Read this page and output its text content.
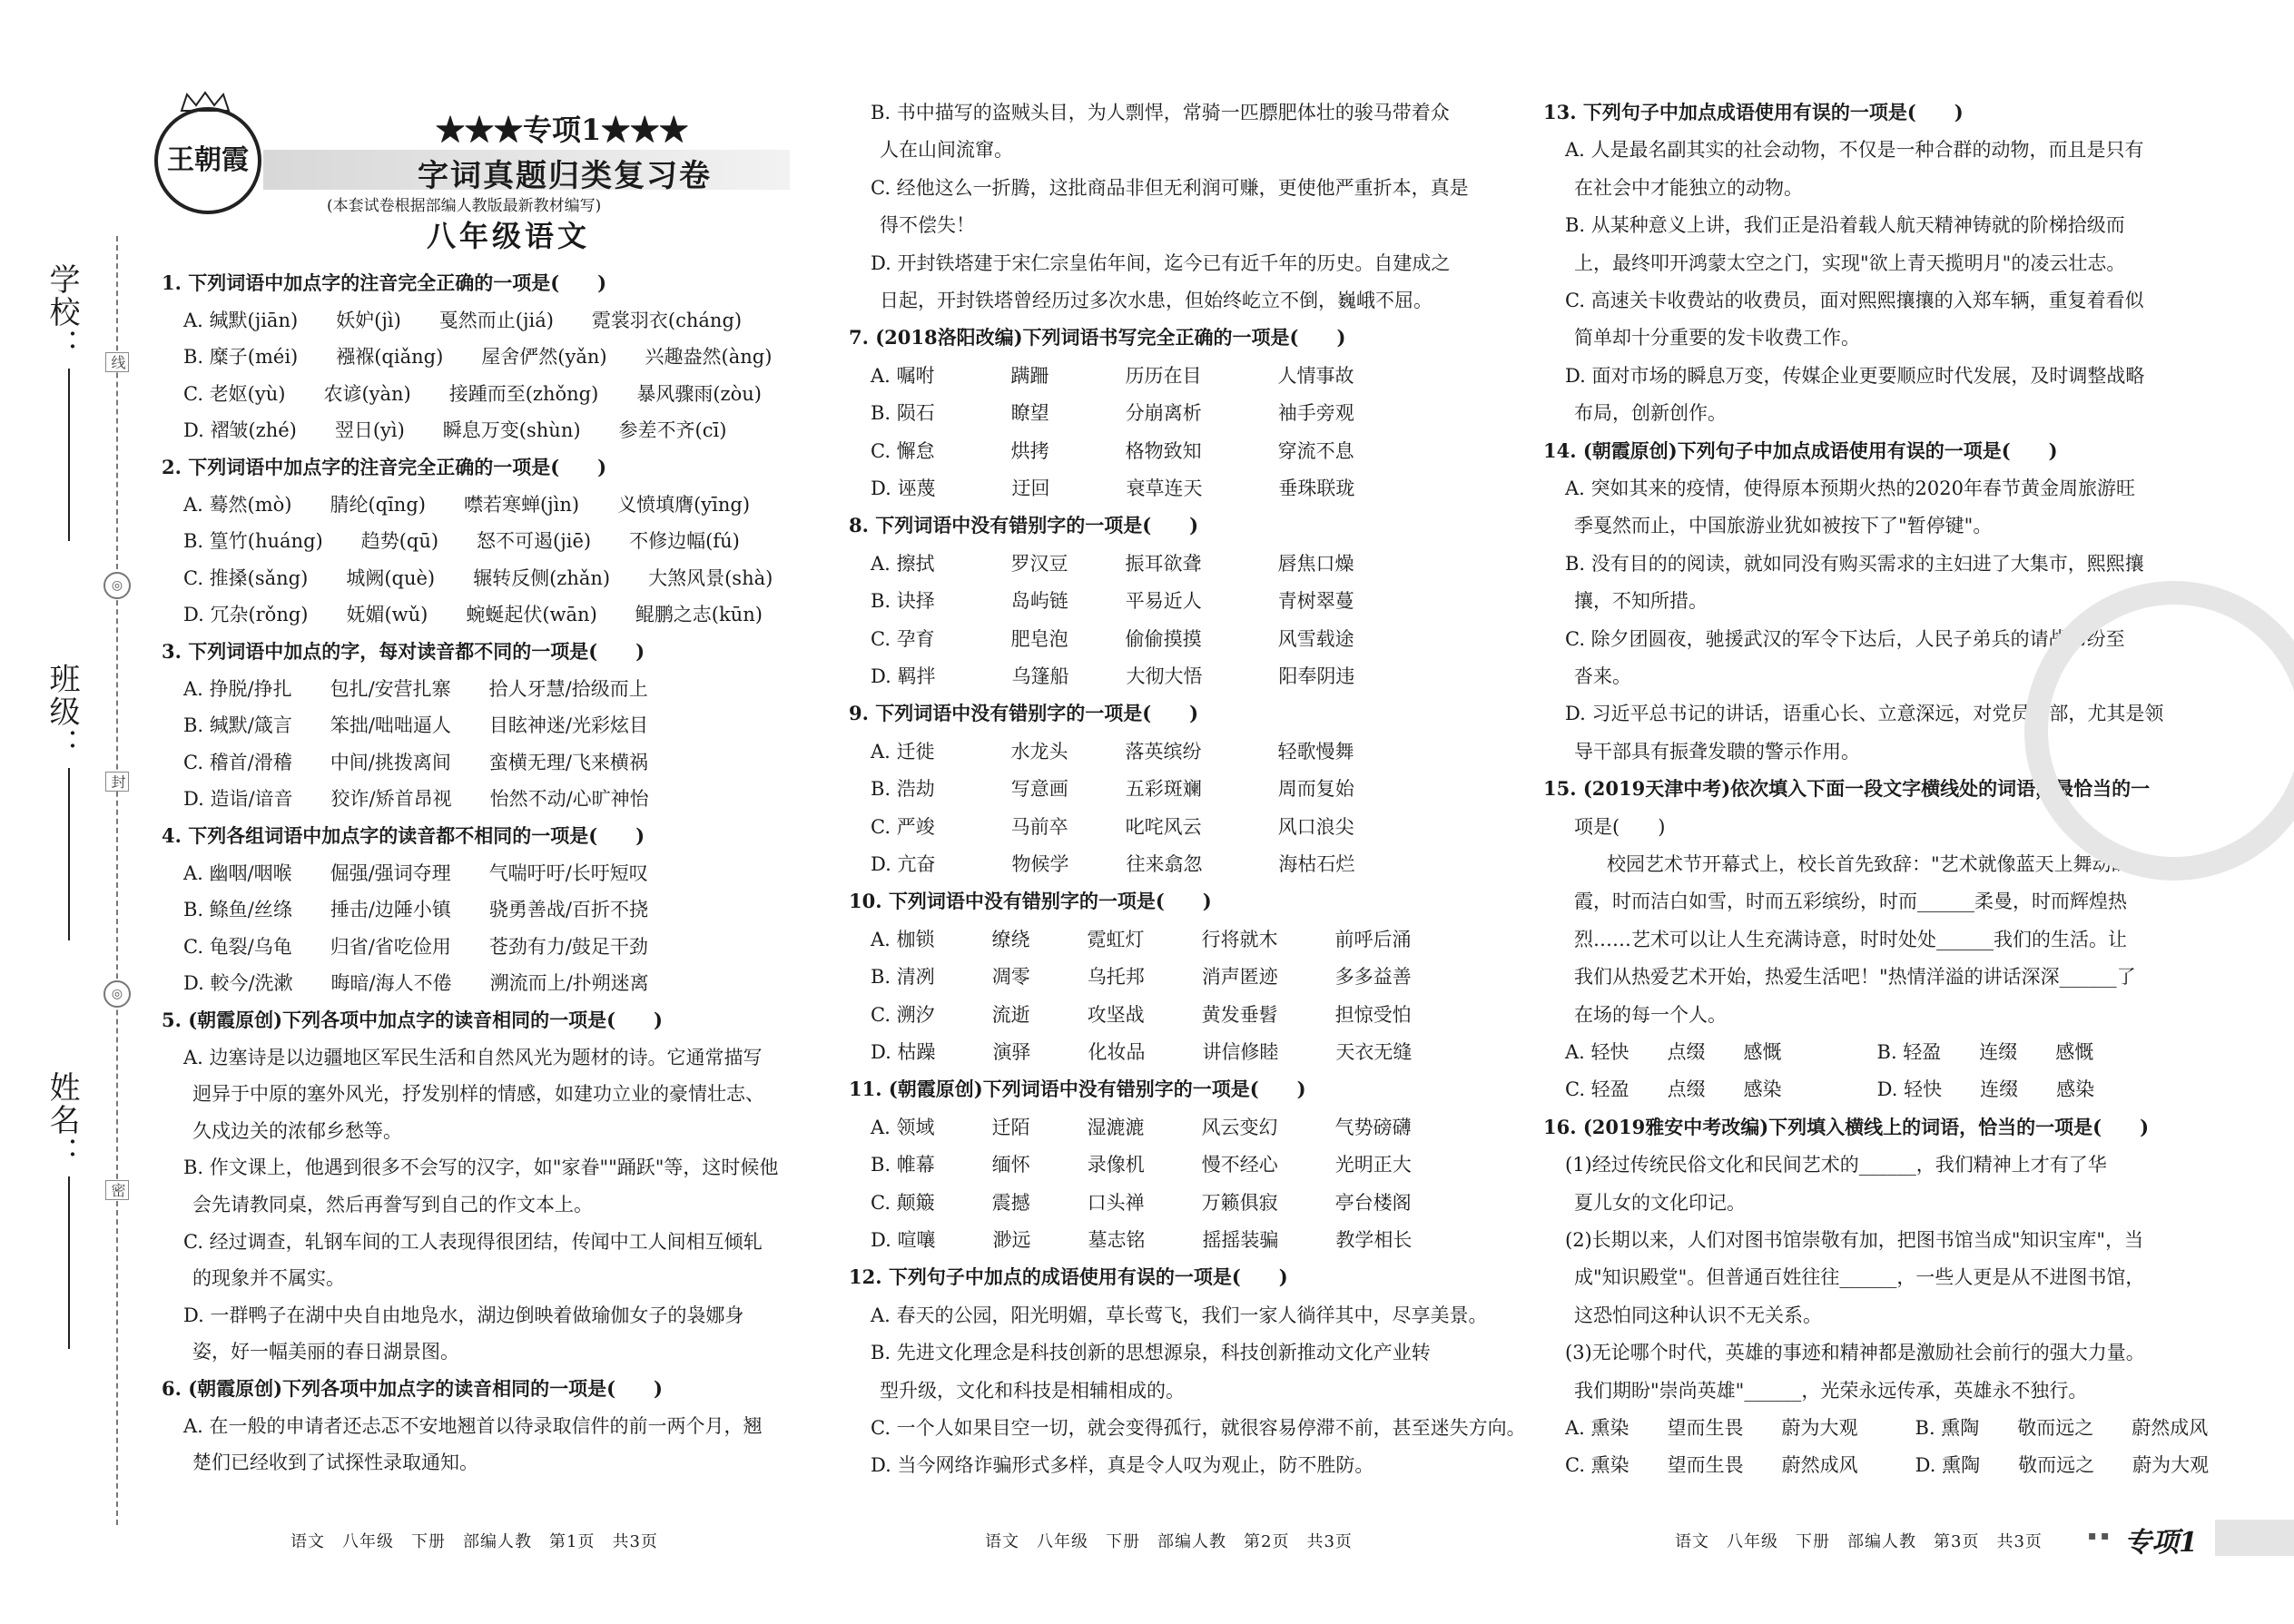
学校：
班级：
姓名：
线
◎
封
◎
密
王朝霞
★★★专项1★★★
字词真题归类复习卷
(本套试卷根据部编人教版最新教材编写)
八年级语文
1. 下列词语中加点字的注音完全正确的一项是(　　)
A. 缄默(jiān)　　妖妒(jì)　　戛然而止(jiá)　　霓裳羽衣(cháng)
B. 糜子(méi)　　襁褓(qiǎng)　　屋舍俨然(yǎn)　　兴趣盎然(àng)
C. 老妪(yù)　　农谚(yàn)　　接踵而至(zhǒng)　　暴风骤雨(zòu)
D. 褶皱(zhé)　　翌日(yì)　　瞬息万变(shùn)　　参差不齐(cī)
2. 下列词语中加点字的注音完全正确的一项是(　　)
A. 蓦然(mò)　　腈纶(qīng)　　噤若寒蝉(jìn)　　义愤填膺(yīng)
B. 篁竹(huáng)　　趋势(qū)　　怒不可遏(jiē)　　不修边幅(fú)
C. 推搡(sǎng)　　城阙(què)　　辗转反侧(zhǎn)　　大煞风景(shà)
D. 冗杂(rǒng)　　妩媚(wǔ)　　蜿蜒起伏(wān)　　鲲鹏之志(kūn)
3. 下列词语中加点的字，每对读音都不同的一项是(　　)
A. 挣脱/挣扎　　包扎/安营扎寨　　拾人牙慧/拾级而上
B. 缄默/箴言　　笨拙/咄咄逼人　　目眩神迷/光彩炫目
C. 稽首/滑稽　　中间/挑拨离间　　蛮横无理/飞来横祸
D. 造诣/谙音　　狡诈/矫首昂视　　怡然不动/心旷神怡
4. 下列各组词语中加点字的读音都不相同的一项是(　　)
A. 幽咽/咽喉　　倔强/强词夺理　　气喘吁吁/长吁短叹
B. 鲦鱼/丝绦　　捶击/边陲小镇　　骁勇善战/百折不挠
C. 龟裂/乌龟　　归省/省吃俭用　　苍劲有力/鼓足干劲
D. 較今/洗漱　　晦暗/海人不倦　　溯流而上/扑朔迷离
5. (朝霞原创)下列各项中加点字的读音相同的一项是(　　)
A. 边塞诗是以边疆地区军民生活和自然风光为题材的诗。它通常描写
迥异于中原的塞外风光，抒发别样的情感，如建功立业的豪情壮志、
久戍边关的浓郁乡愁等。
B. 作文课上，他遇到很多不会写的汉字，如"家眷""踊跃"等，这时候他
会先请教同桌，然后再誊写到自己的作文本上。
C. 经过调查，轧钢车间的工人表现得很团结，传闻中工人间相互倾轧
的现象并不属实。
D. 一群鸭子在湖中央自由地凫水，湖边倒映着做瑜伽女子的袅娜身
姿，好一幅美丽的春日湖景图。
6. (朝霞原创)下列各项中加点字的读音相同的一项是(　　)
A. 在一般的申请者还忐忑不安地翘首以待录取信件的前一两个月，翘
楚们已经收到了试探性录取通知。
B. 书中描写的盗贼头目，为人剽悍，常骑一匹膘肥体壮的骏马带着众
人在山间流窜。
C. 经他这么一折腾，这批商品非但无利润可赚，更使他严重折本，真是
得不偿失！
D. 开封铁塔建于宋仁宗皇佑年间，迄今已有近千年的历史。自建成之
日起，开封铁塔曾经历过多次水患，但始终屹立不倒，巍峨不屈。
7. (2018洛阳改编)下列词语书写完全正确的一项是(　　)
A. 嘱咐　　　　蹒跚　　　　历历在目　　　　人情事故
B. 陨石　　　　瞭望　　　　分崩离析　　　　袖手旁观
C. 懈怠　　　　烘拷　　　　格物致知　　　　穿流不息
D. 诬蔑　　　　迂回　　　　衰草连天　　　　垂珠联珑
8. 下列词语中没有错别字的一项是(　　)
A. 擦拭　　　　罗汉豆　　　振耳欲聋　　　　唇焦口燥
B. 诀择　　　　岛屿链　　　平易近人　　　　青树翠蔓
C. 孕育　　　　肥皂泡　　　偷偷摸摸　　　　风雪载途
D. 羁拌　　　　乌篷船　　　大彻大悟　　　　阳奉阴违
9. 下列词语中没有错别字的一项是(　　)
A. 迁徙　　　　水龙头　　　落英缤纷　　　　轻歌慢舞
B. 浩劫　　　　写意画　　　五彩斑斓　　　　周而复始
C. 严竣　　　　马前卒　　　叱咤风云　　　　风口浪尖
D. 亢奋　　　　物候学　　　往来翕忽　　　　海枯石烂
10. 下列词语中没有错别字的一项是(　　)
A. 枷锁　　　缭绕　　　霓虹灯　　　行将就木　　　前呼后涌
B. 清冽　　　凋零　　　乌托邦　　　消声匿迹　　　多多益善
C. 溯汐　　　流逝　　　攻坚战　　　黄发垂髫　　　担惊受怕
D. 枯躁　　　演驿　　　化妆品　　　讲信修睦　　　天衣无缝
11. (朝霞原创)下列词语中没有错别字的一项是(　　)
A. 领域　　　迁陌　　　湿漉漉　　　风云变幻　　　气势磅礴
B. 帷幕　　　缅怀　　　录像机　　　慢不经心　　　光明正大
C. 颠簸　　　震撼　　　口头禅　　　万籁俱寂　　　亭台楼阁
D. 喧嚷　　　渺远　　　墓志铭　　　摇摇装骗　　　教学相长
12. 下列句子中加点的成语使用有误的一项是(　　)
A. 春天的公园，阳光明媚，草长莺飞，我们一家人徜徉其中，尽享美景。
B. 先进文化理念是科技创新的思想源泉，科技创新推动文化产业转
型升级，文化和科技是相辅相成的。
C. 一个人如果目空一切，就会变得孤行，就很容易停滞不前，甚至迷失方向。
D. 当今网络诈骗形式多样，真是令人叹为观止，防不胜防。
13. 下列句子中加点成语使用有误的一项是(　　)
A. 人是最名副其实的社会动物，不仅是一种合群的动物，而且是只有
在社会中才能独立的动物。
B. 从某种意义上讲，我们正是沿着载人航天精神铸就的阶梯拾级而
上，最终叩开鸿蒙太空之门，实现"欲上青天揽明月"的凌云壮志。
C. 高速关卡收费站的收费员，面对熙熙攘攘的入郑车辆，重复着看似
简单却十分重要的发卡收费工作。
D. 面对市场的瞬息万变，传媒企业更要顺应时代发展，及时调整战略
布局，创新创作。
14. (朝霞原创)下列句子中加点成语使用有误的一项是(　　)
A. 突如其来的疫情，使得原本预期火热的2020年春节黄金周旅游旺
季戛然而止，中国旅游业犹如被按下了"暂停键"。
B. 没有目的的阅读，就如同没有购买需求的主妇进了大集市，熙熙攘
攘，不知所措。
C. 除夕团圆夜，驰援武汉的军令下达后，人民子弟兵的请战书纷至
沓来。
D. 习近平总书记的讲话，语重心长、立意深远，对党员干部，尤其是领
导干部具有振聋发聩的警示作用。
15. (2019天津中考)依次填入下面一段文字横线处的词语，最恰当的一
项是(　　)
校园艺术节开幕式上，校长首先致辞："艺术就像蓝天上舞动的云
霞，时而洁白如雪，时而五彩缤纷，时而______柔曼，时而辉煌热
烈……艺术可以让人生充满诗意，时时处处______我们的生活。让
我们从热爱艺术开始，热爱生活吧！"热情洋溢的讲话深深______了
在场的每一个人。
A. 轻快　　点缀　　感慨　　　　　B. 轻盈　　连缀　　感慨
C. 轻盈　　点缀　　感染　　　　　D. 轻快　　连缀　　感染
16. (2019雅安中考改编)下列填入横线上的词语，恰当的一项是(　　)
(1)经过传统民俗文化和民间艺术的______，我们精神上才有了华
夏儿女的文化印记。
(2)长期以来，人们对图书馆崇敬有加，把图书馆当成"知识宝库"，当
成"知识殿堂"。但普通百姓往往______，一些人更是从不进图书馆，
这恐怕同这种认识不无关系。
(3)无论哪个时代，英雄的事迹和精神都是激励社会前行的强大力量。
我们期盼"崇尚英雄"______，光荣永远传承，英雄永不独行。
A. 熏染　　望而生畏　　蔚为大观　　　B. 熏陶　　敬而远之　　蔚然成风
C. 熏染　　望而生畏　　蔚然成风　　　D. 熏陶　　敬而远之　　蔚为大观
语文　八年级　下册　部编人教　第1页　共3页	语文　八年级　下册　部编人教　第2页　共3页	语文　八年级　下册　部编人教　第3页　共3页	▪ ▪ 专项1
